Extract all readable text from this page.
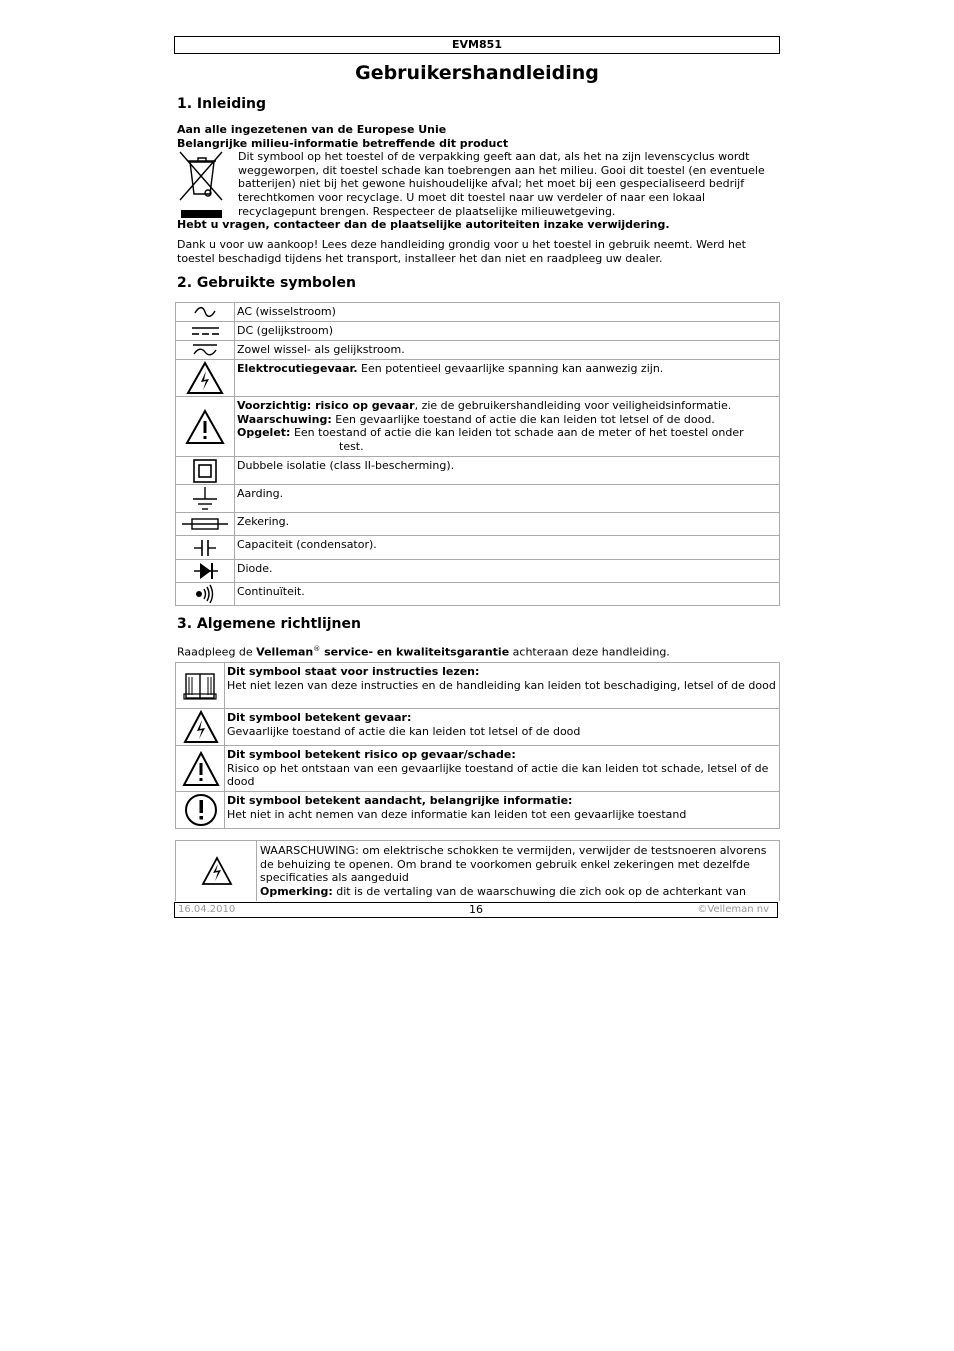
EVM851
Gebruikershandleiding
1. Inleiding
Aan alle ingezetenen van de Europese Unie
Belangrijke milieu-informatie betreffende dit product
Dit symbool op het toestel of de verpakking geeft aan dat, als het na zijn levenscyclus wordt weggeworpen, dit toestel schade kan toebrengen aan het milieu. Gooi dit toestel (en eventuele batterijen) niet bij het gewone huishoudelijke afval; het moet bij een gespecialiseerd bedrijf terechtkomen voor recyclage. U moet dit toestel naar uw verdeler of naar een lokaal recyclagepunt brengen. Respecteer de plaatselijke milieuwetgeving.
Hebt u vragen, contacteer dan de plaatselijke autoriteiten inzake verwijdering.
Dank u voor uw aankoop! Lees deze handleiding grondig voor u het toestel in gebruik neemt. Werd het toestel beschadigd tijdens het transport, installeer het dan niet en raadpleeg uw dealer.
2. Gebruikte symbolen
	AC (wisselstroom)

	DC (gelijkstroom)

	Zowel wissel- als gelijkstroom.

	Elektrocutiegevaar. Een potentieel gevaarlijke spanning kan aanwezig zijn.

Voorzichtig: risico op gevaar, zie de gebruikershandleiding voor veiligheidsinformatie.
Waarschuwing: Een gevaarlijke toestand of actie die kan leiden tot letsel of de dood.
Opgelet: Een toestand of actie die kan leiden tot schade aan de meter of het toestel onder
test.

	Dubbele isolatie (class II-bescherming).

	Aarding.

	Zekering.

	Capaciteit (condensator).

	Diode.

	Continuïteit.
3. Algemene richtlijnen
Raadpleeg de Velleman® service- en kwaliteitsgarantie achteraan deze handleiding.

Dit symbool staat voor instructies lezen:
Het niet lezen van deze instructies en de handleiding kan leiden tot beschadiging, letsel of de dood

Dit symbool betekent gevaar:
Gevaarlijke toestand of actie die kan leiden tot letsel of de dood

Dit symbool betekent risico op gevaar/schade:
Risico op het ontstaan van een gevaarlijke toestand of actie die kan leiden tot schade, letsel of de dood

Dit symbool betekent aandacht, belangrijke informatie:
Het niet in acht nemen van deze informatie kan leiden tot een gevaarlijke toestand
WAARSCHUWING: om elektrische schokken te vermijden, verwijder de testsnoeren alvorens de behuizing te openen. Om brand te voorkomen gebruik enkel zekeringen met dezelfde specificaties als aangeduid
Opmerking: dit is de vertaling van de waarschuwing die zich ook op de achterkant van
16.04.2010	16	©Velleman nv
